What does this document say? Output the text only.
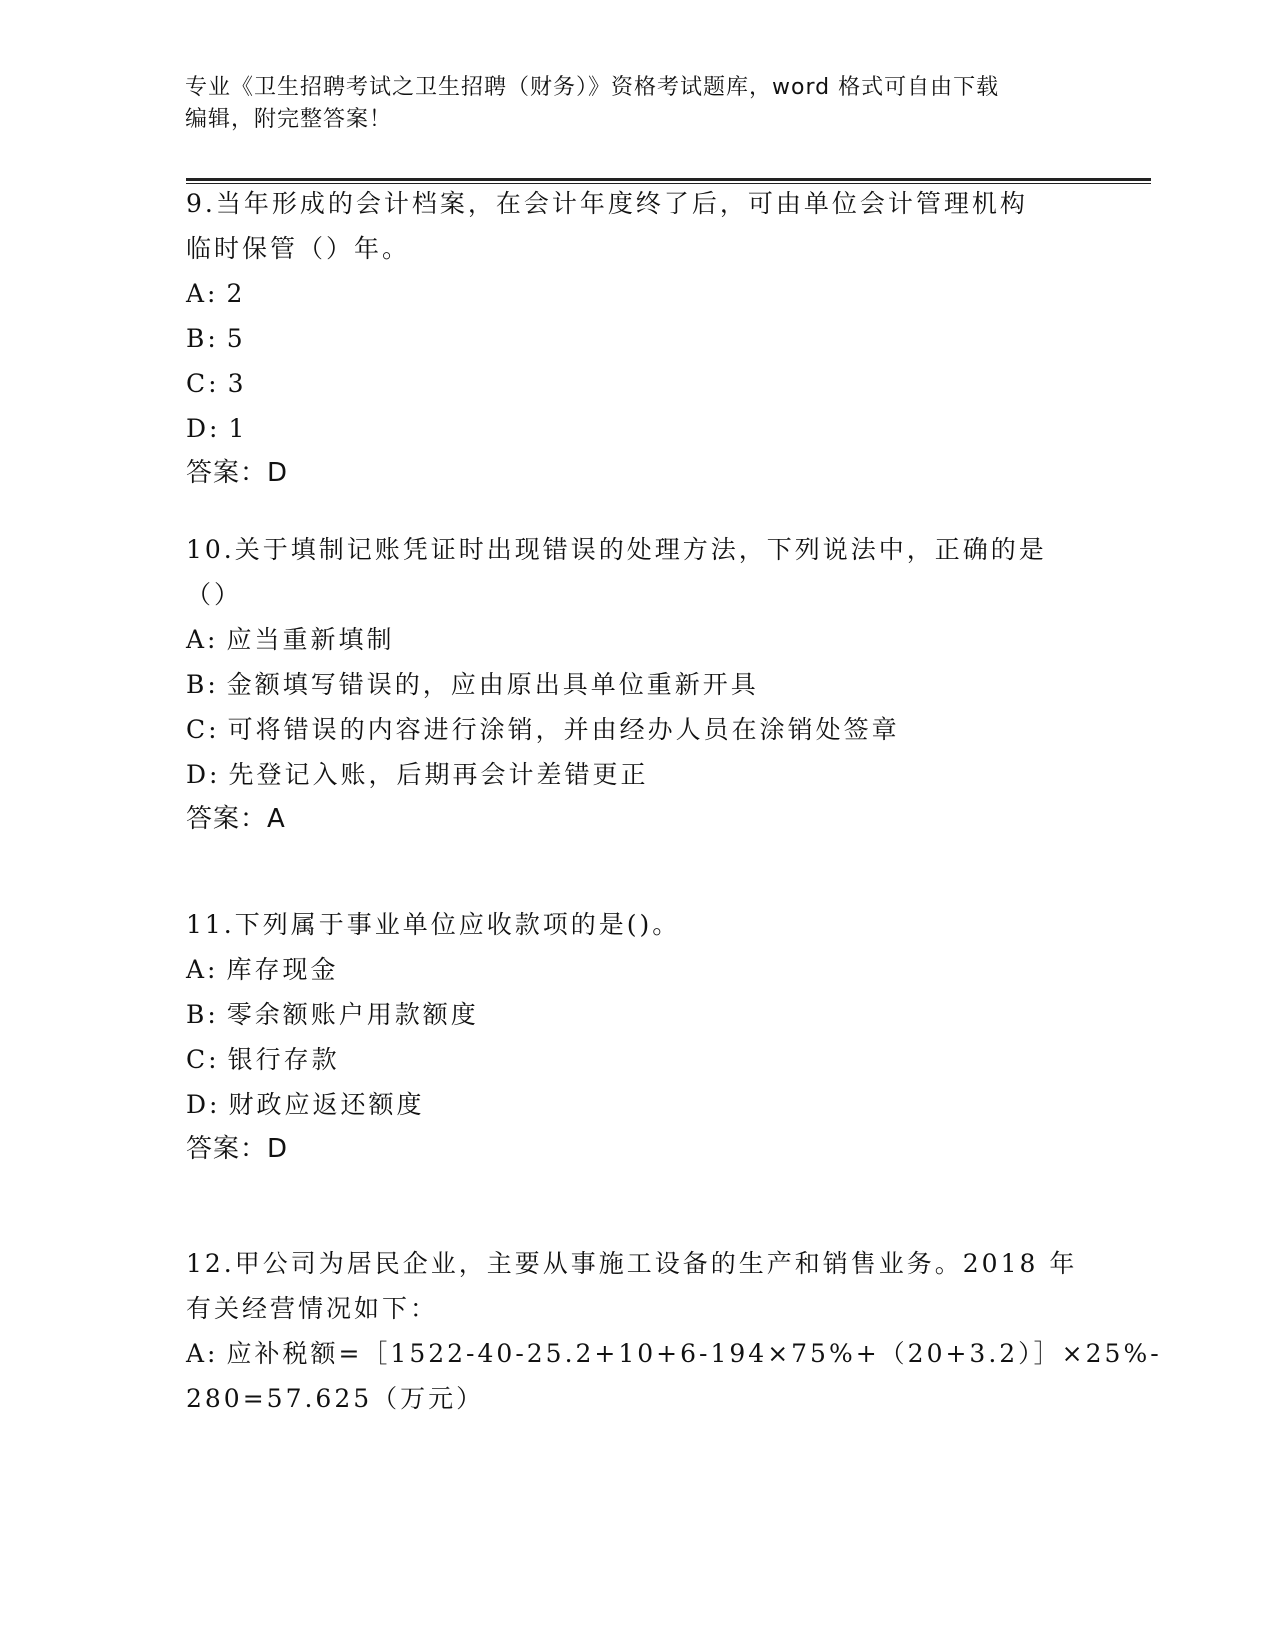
专业《卫生招聘考试之卫生招聘（财务）》资格考试题库，word 格式可自由下载
编辑，附完整答案！

9.当年形成的会计档案，在会计年度终了后，可由单位会计管理机构

临时保管（）年。

A: 2

B: 5

C: 3

D: 1

答案：D

10.关于填制记账凭证时出现错误的处理方法，下列说法中，正确的是

（）

A: 应当重新填制

B: 金额填写错误的，应由原出具单位重新开具

C: 可将错误的内容进行涂销，并由经办人员在涂销处签章

D: 先登记入账，后期再会计差错更正

答案：A

11.下列属于事业单位应收款项的是()。

A: 库存现金

B: 零余额账户用款额度

C: 银行存款

D: 财政应返还额度

答案：D

12.甲公司为居民企业，主要从事施工设备的生产和销售业务。2018 年

有关经营情况如下：

A: 应补税额=［1522-40-25.2+10+6-194×75%+（20+3.2）］×25%-

280=57.625（万元）
